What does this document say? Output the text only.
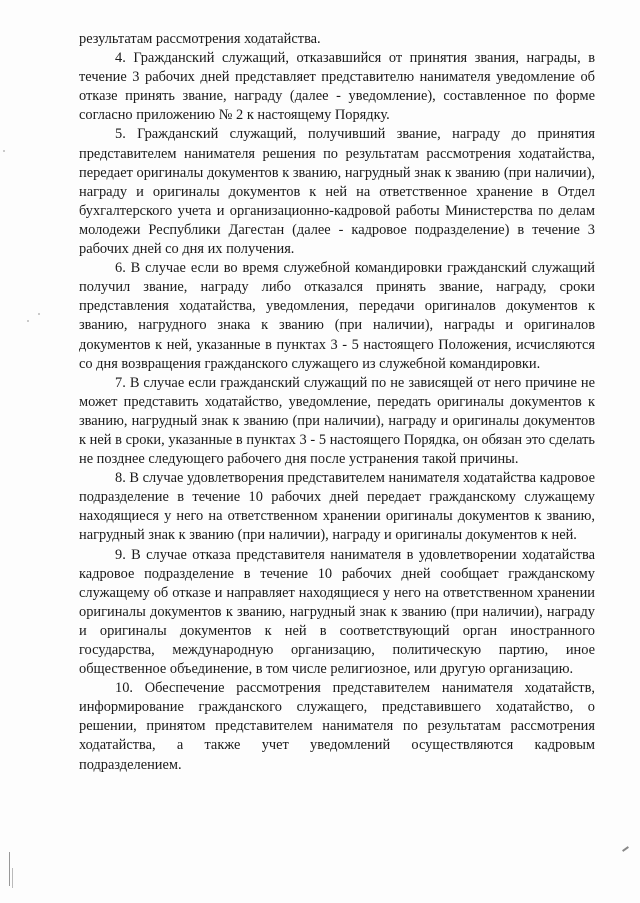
результатам рассмотрения ходатайства.

4. Гражданский служащий, отказавшийся от принятия звания, награды, в течение 3 рабочих дней представляет представителю нанимателя уведомление об отказе принять звание, награду (далее - уведомление), составленное по форме согласно приложению № 2 к настоящему Порядку.

5. Гражданский служащий, получивший звание, награду до принятия представителем нанимателя решения по результатам рассмотрения ходатайства, передает оригиналы документов к званию, нагрудный знак к званию (при наличии), награду и оригиналы документов к ней на ответственное хранение в Отдел бухгалтерского учета и организационно-кадровой работы Министерства по делам молодежи Республики Дагестан (далее - кадровое подразделение) в течение 3 рабочих дней со дня их получения.

6. В случае если во время служебной командировки гражданский служащий получил звание, награду либо отказался принять звание, награду, сроки представления ходатайства, уведомления, передачи оригиналов документов к званию, нагрудного знака к званию (при наличии), награды и оригиналов документов к ней, указанные в пунктах 3 - 5 настоящего Положения, исчисляются со дня возвращения гражданского служащего из служебной командировки.

7. В случае если гражданский служащий по не зависящей от него причине не может представить ходатайство, уведомление, передать оригиналы документов к званию, нагрудный знак к званию (при наличии), награду и оригиналы документов к ней в сроки, указанные в пунктах 3 - 5 настоящего Порядка, он обязан это сделать не позднее следующего рабочего дня после устранения такой причины.

8. В случае удовлетворения представителем нанимателя ходатайства кадровое подразделение в течение 10 рабочих дней передает гражданскому служащему находящиеся у него на ответственном хранении оригиналы документов к званию, нагрудный знак к званию (при наличии), награду и оригиналы документов к ней.

9. В случае отказа представителя нанимателя в удовлетворении ходатайства кадровое подразделение в течение 10 рабочих дней сообщает гражданскому служащему об отказе и направляет находящиеся у него на ответственном хранении оригиналы документов к званию, нагрудный знак к званию (при наличии), награду и оригиналы документов к ней в соответствующий орган иностранного государства, международную организацию, политическую партию, иное общественное объединение, в том числе религиозное, или другую организацию.

10. Обеспечение рассмотрения представителем нанимателя ходатайств, информирование гражданского служащего, представившего ходатайство, о решении, принятом представителем нанимателя по результатам рассмотрения ходатайства, а также учет уведомлений осуществляются кадровым подразделением.
